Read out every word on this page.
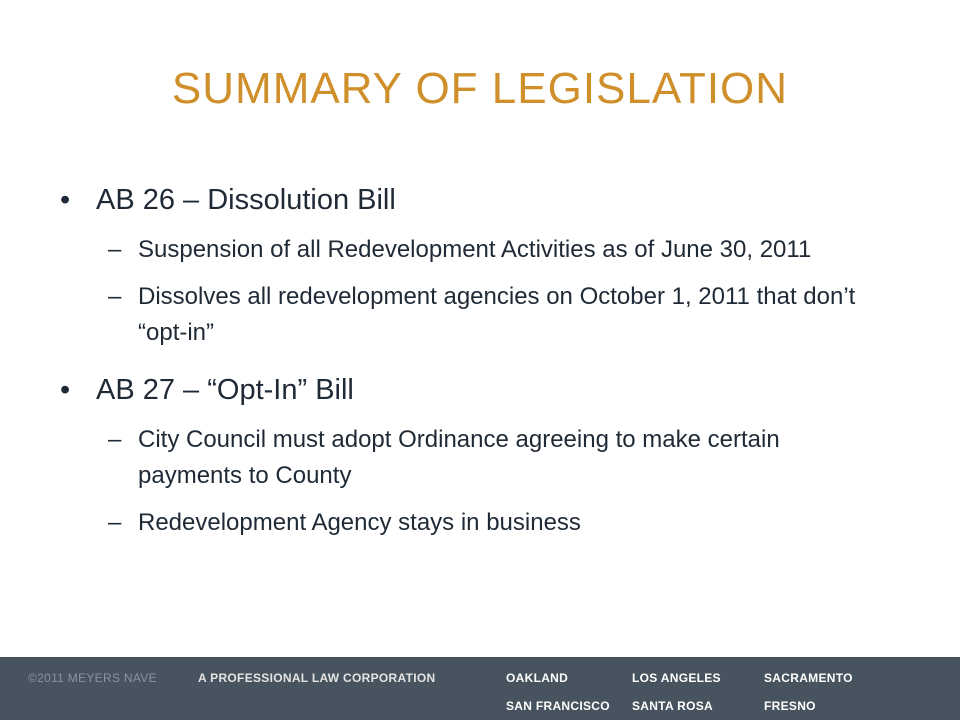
SUMMARY OF LEGISLATION
• AB 26 – Dissolution Bill
– Suspension of all Redevelopment Activities as of June 30, 2011
– Dissolves all redevelopment agencies on October 1, 2011 that don’t “opt-in”
• AB 27 – “Opt-In” Bill
– City Council must adopt Ordinance agreeing to make certain payments to County
– Redevelopment Agency stays in business
©2011 MEYERS NAVE	A PROFESSIONAL LAW CORPORATION	OAKLAND	LOS ANGELES	SACRAMENTO
SAN FRANCISCO SANTA ROSA	FRESNO
